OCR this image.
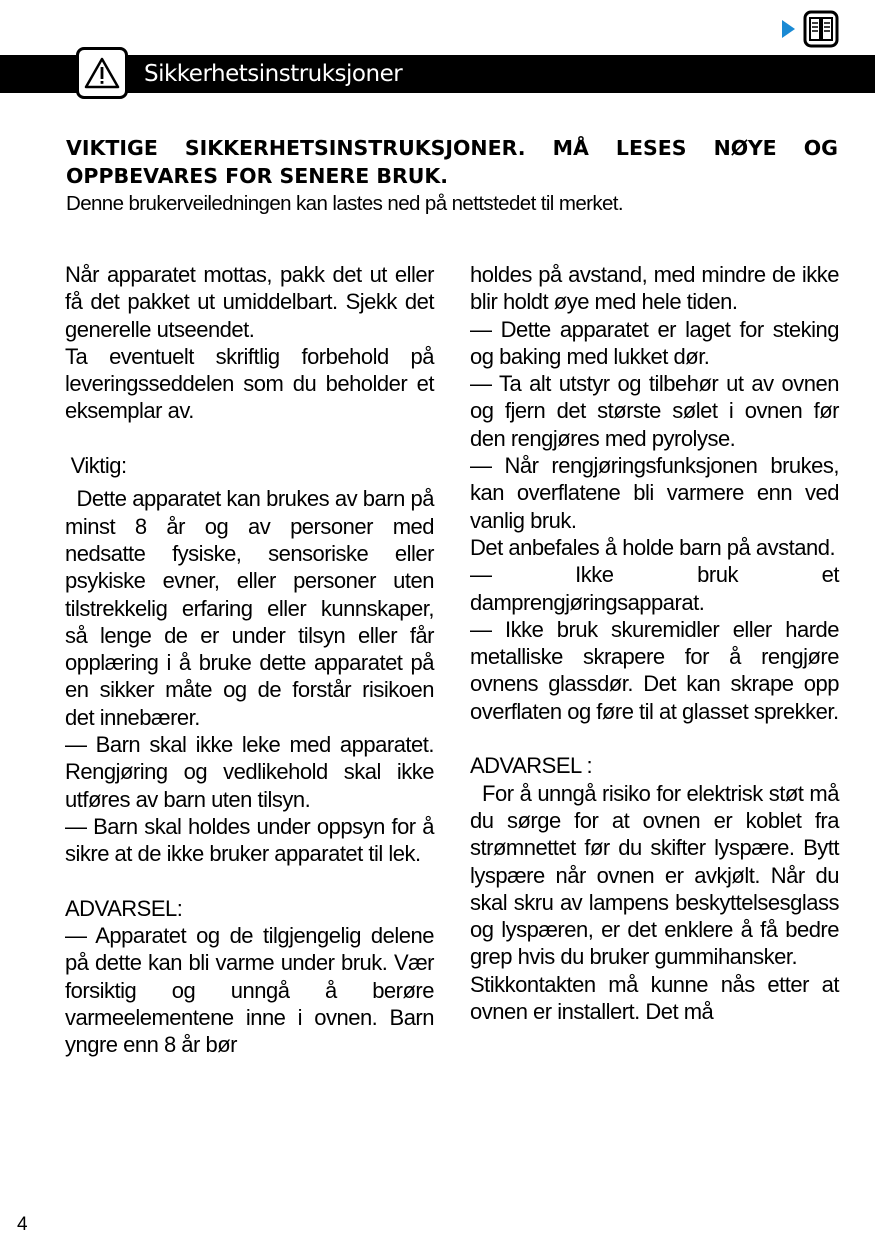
Sikkerhetsinstruksjoner
VIKTIGE SIKKERHETSINSTRUKSJONER. MÅ LESES NØYE OG OPPBEVARES FOR SENERE BRUK.
Denne brukerveiledningen kan lastes ned på nettstedet til merket.

Når apparatet mottas, pakk det ut eller få det pakket ut umiddelbart. Sjekk det generelle utseendet.

Ta eventuelt skriftlig forbehold på leveringsseddelen som du beholder et eksemplar av.

Viktig:

Dette apparatet kan brukes av barn på minst 8 år og av personer med nedsatte fysiske, sensoriske eller psykiske evner, eller personer uten tilstrekkelig erfaring eller kunnskaper, så lenge de er under tilsyn eller får opplæring i å bruke dette apparatet på en sikker måte og de forstår risikoen det innebærer.

— Barn skal ikke leke med apparatet. Rengjøring og vedlikehold skal ikke utføres av barn uten tilsyn.

— Barn skal holdes under oppsyn for å sikre at de ikke bruker apparatet til lek.

ADVARSEL:

— Apparatet og de tilgjengelig delene på dette kan bli varme under bruk. Vær forsiktig og unngå å berøre varmeelementene inne i ovnen. Barn yngre enn 8 år bør

holdes på avstand, med mindre de ikke blir holdt øye med hele tiden.

— Dette apparatet er laget for steking og baking med lukket dør.

— Ta alt utstyr og tilbehør ut av ovnen og fjern det største sølet i ovnen før den rengjøres med pyrolyse.

— Når rengjøringsfunksjonen brukes, kan overflatene bli varmere enn ved vanlig bruk.

Det anbefales å holde barn på avstand.

— Ikke bruk et damprengjøringsapparat.

— Ikke bruk skuremidler eller harde metalliske skrapere for å rengjøre ovnens glassdør. Det kan skrape opp overflaten og føre til at glasset sprekker.

ADVARSEL :

For å unngå risiko for elektrisk støt må du sørge for at ovnen er koblet fra strømnettet før du skifter lyspære. Bytt lyspære når ovnen er avkjølt. Når du skal skru av lampens beskyttelsesglass og lyspæren, er det enklere å få bedre grep hvis du bruker gummihansker.

Stikkontakten må kunne nås etter at ovnen er installert. Det må

4
